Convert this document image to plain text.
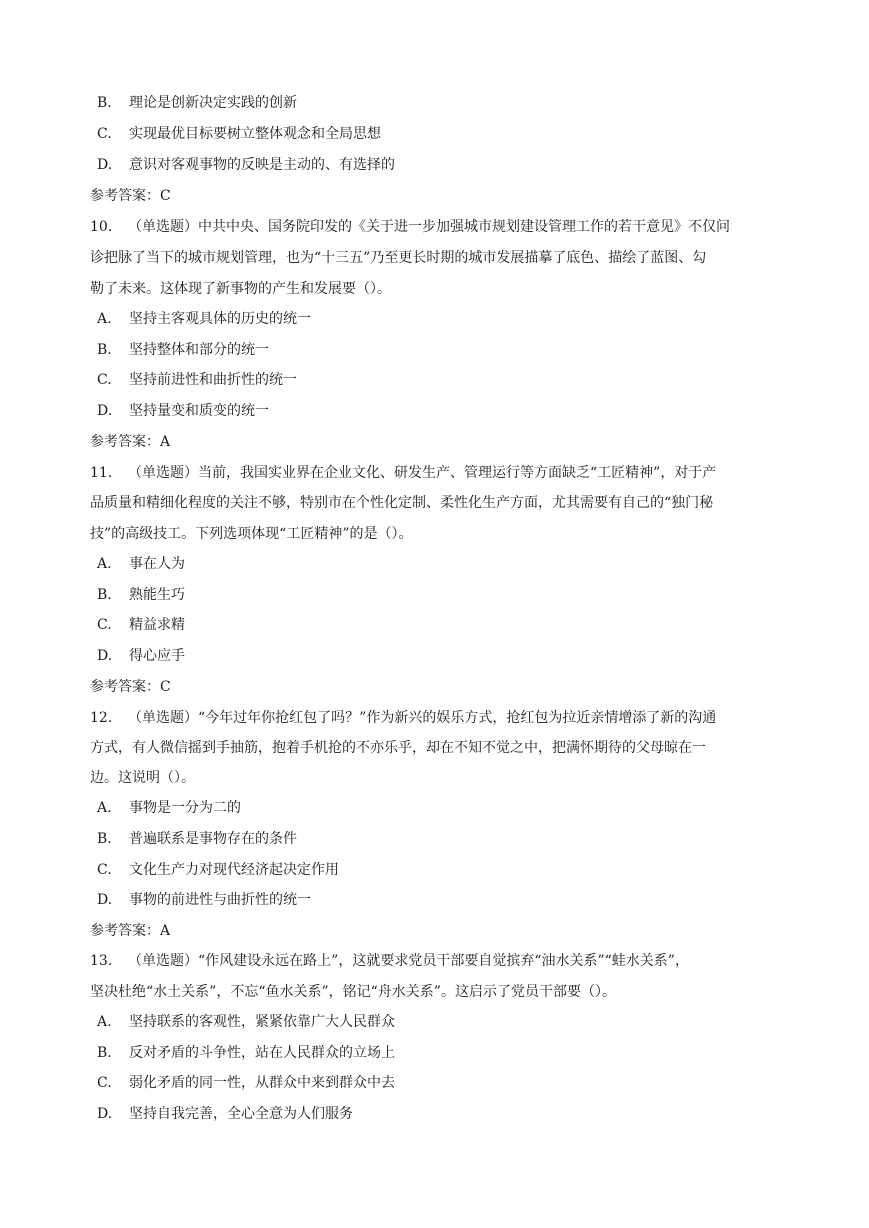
B. 理论是创新决定实践的创新
C. 实现最优目标要树立整体观念和全局思想
D. 意识对客观事物的反映是主动的、有选择的
参考答案：C
10. （单选题）中共中央、国务院印发的《关于进一步加强城市规划建设管理工作的若干意见》不仅问
诊把脉了当下的城市规划管理，也为“十三五”乃至更长时期的城市发展描摹了底色、描绘了蓝图、勾
勒了未来。这体现了新事物的产生和发展要（）。
A. 坚持主客观具体的历史的统一
B. 坚持整体和部分的统一
C. 坚持前进性和曲折性的统一
D. 坚持量变和质变的统一
参考答案：A
11. （单选题）当前，我国实业界在企业文化、研发生产、管理运行等方面缺乏“工匠精神”，对于产
品质量和精细化程度的关注不够，特别市在个性化定制、柔性化生产方面，尤其需要有自己的“独门秘
技”的高级技工。下列选项体现“工匠精神”的是（）。
A. 事在人为
B. 熟能生巧
C. 精益求精
D. 得心应手
参考答案：C
12. （单选题）“今年过年你抢红包了吗？”作为新兴的娱乐方式，抢红包为拉近亲情增添了新的沟通
方式，有人微信摇到手抽筋，抱着手机抢的不亦乐乎，却在不知不觉之中，把满怀期待的父母晾在一
边。这说明（）。
A. 事物是一分为二的
B. 普遍联系是事物存在的条件
C. 文化生产力对现代经济起决定作用
D. 事物的前进性与曲折性的统一
参考答案：A
13. （单选题）“作风建设永远在路上”，这就要求党员干部要自觉摈弃“油水关系”“蛙水关系”，
坚决杜绝“水土关系”，不忘“鱼水关系”，铭记“舟水关系”。这启示了党员干部要（）。
A. 坚持联系的客观性，紧紧依靠广大人民群众
B. 反对矛盾的斗争性，站在人民群众的立场上
C. 弱化矛盾的同一性，从群众中来到群众中去
D. 坚持自我完善，全心全意为人们服务
